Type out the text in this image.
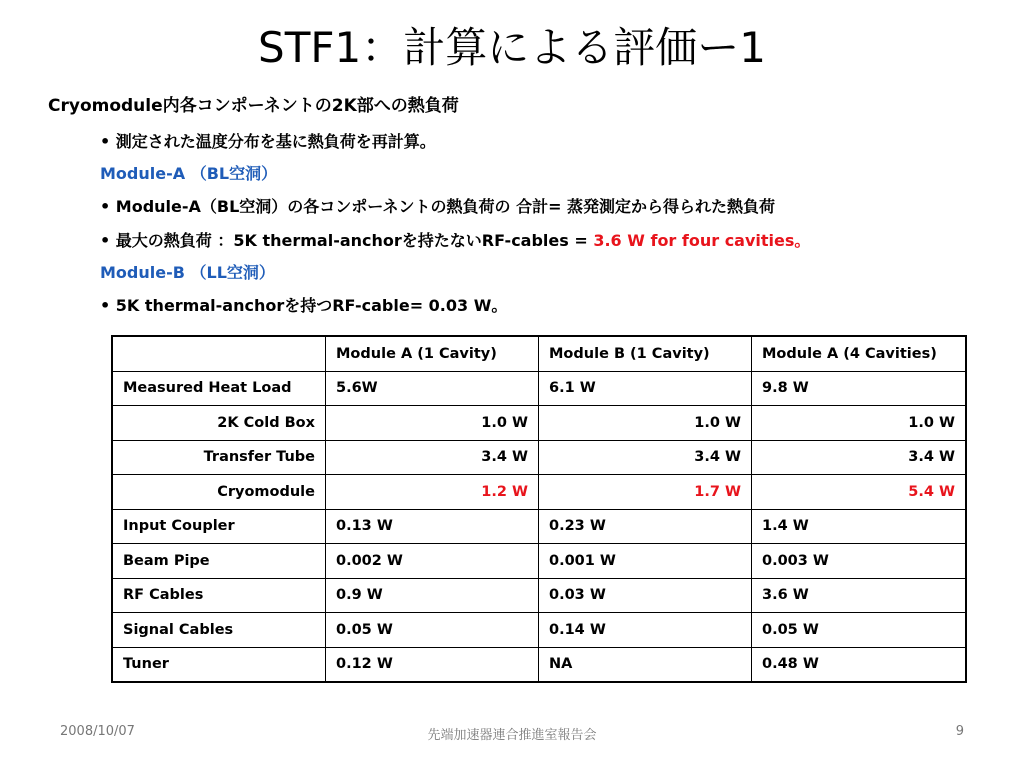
STF1：計算による評価ー1
Cryomodule内各コンポーネントの2K部への熱負荷
• 測定された温度分布を基に熱負荷を再計算。
Module-A （BL空洞）
• Module-A（BL空洞）の各コンポーネントの熱負荷の 合計= 蒸発測定から得られた熱負荷
• 最大の熱負荷 ：5K thermal-anchorを持たないRF-cables = 3.6 W for four cavities。
Module-B （LL空洞）
• 5K thermal-anchorを持つRF-cable= 0.03 W。
	Module A (1 Cavity)	Module B (1 Cavity)	Module A (4 Cavities)
Measured Heat Load	5.6W	6.1 W	9.8 W
2K Cold Box	1.0 W	1.0 W	1.0 W
Transfer Tube	3.4 W	3.4 W	3.4 W
Cryomodule	1.2 W	1.7 W	5.4 W
Input Coupler	0.13 W	0.23 W	1.4 W
Beam Pipe	0.002 W	0.001 W	0.003 W
RF Cables	0.9 W	0.03 W	3.6 W
Signal Cables	0.05 W	0.14 W	0.05 W
Tuner	0.12 W	NA	0.48 W
2008/10/07	先端加速器連合推進室報告会	9
